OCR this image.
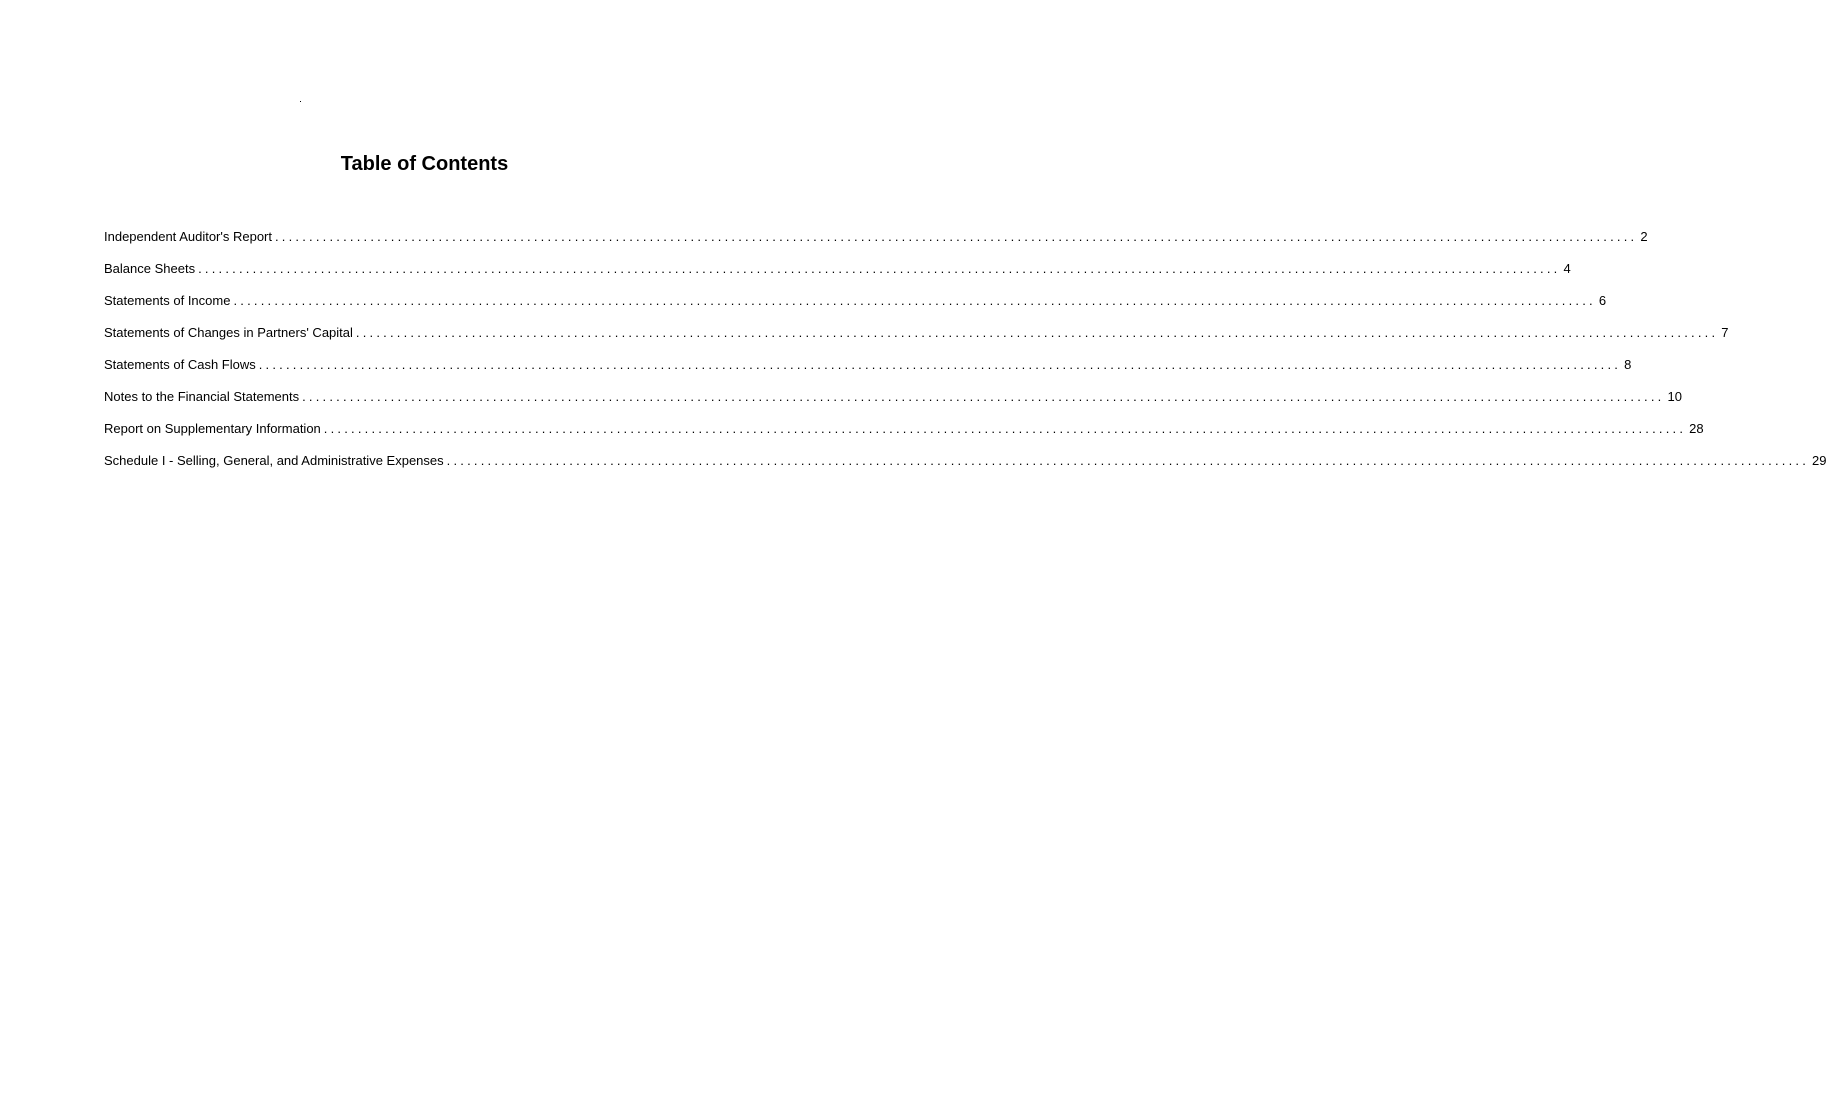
Table of Contents
Independent Auditor's Report ........................................................................................................................................................................................................ 2
Balance Sheets ........................................................................................................................................................................................................ 4
Statements of Income ........................................................................................................................................................................................................ 6
Statements of Changes in Partners' Capital ........................................................................................................................................................................................................ 7
Statements of Cash Flows ........................................................................................................................................................................................................ 8
Notes to the Financial Statements ........................................................................................................................................................................................................ 10
Report on Supplementary Information ........................................................................................................................................................................................................ 28
Schedule I - Selling, General, and Administrative Expenses ........................................................................................................................................................................................................ 29
